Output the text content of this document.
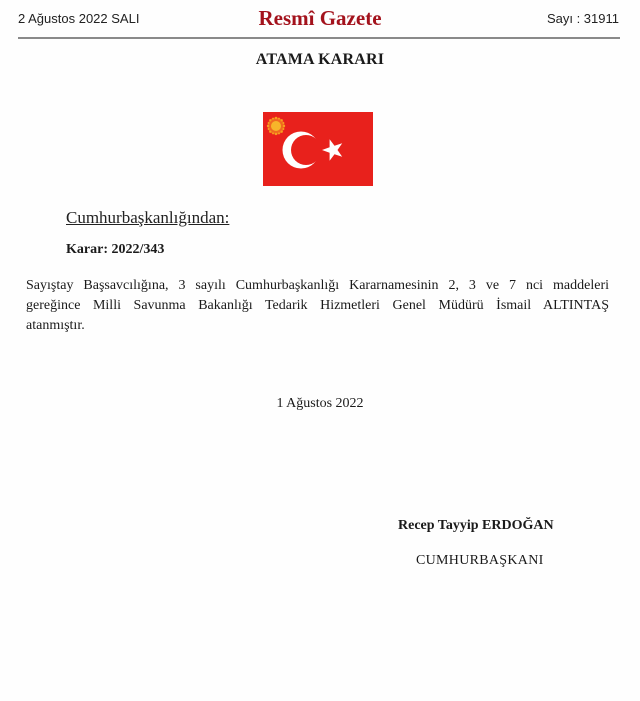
2 Ağustos 2022 SALI	Resmî Gazete	Sayı : 31911
ATAMA KARARI
Cumhurbaşkanlığından:
Karar: 2022/343
Sayıştay Başsavcılığına, 3 sayılı Cumhurbaşkanlığı Kararnamesinin 2, 3 ve 7 nci maddeleri
gereğince Milli Savunma Bakanlığı Tedarik Hizmetleri Genel Müdürü İsmail ALTINTAŞ
atanmıştır.
1 Ağustos 2022
Recep Tayyip ERDOĞAN
CUMHURBAŞKANI
